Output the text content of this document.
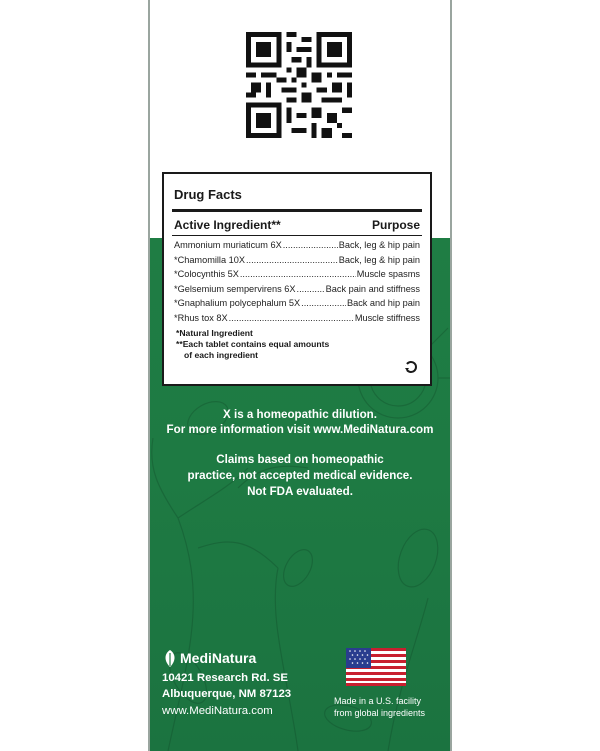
Drug Facts
Active Ingredient**	Purpose
Ammonium muriaticum 6X .....	Back, leg & hip pain
*Chamomilla 10X .....	Back, leg & hip pain
*Colocynthis 5X .....	Muscle spasms
*Gelsemium sempervirens 6X .....	Back pain and stiffness
*Gnaphalium polycephalum 5X .....	Back and hip pain
*Rhus tox 8X .....	Muscle stiffness
*Natural Ingredient
**Each tablet contains equal amounts
of each ingredient
X is a homeopathic dilution.
For more information visit www.MediNatura.com
Claims based on homeopathic
practice, not accepted medical evidence.
Not FDA evaluated.
MediNatura
10421 Research Rd. SE
Albuquerque, NM 87123
www.MediNatura.com
Made in a U.S. facility
from global ingredients
